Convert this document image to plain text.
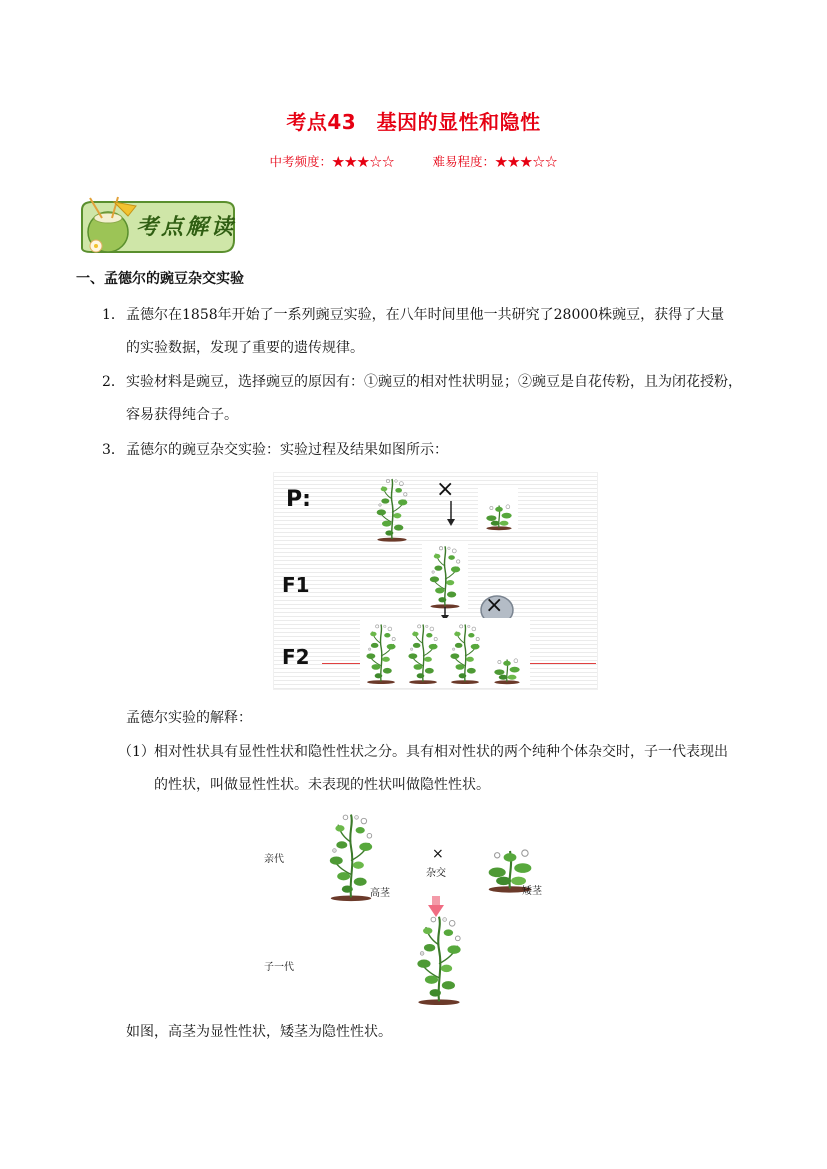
考点43　基因的显性和隐性
中考频度：★★★☆☆	难易程度：★★★☆☆
考点解读
一、孟德尔的豌豆杂交实验
1．孟德尔在1858年开始了一系列豌豆实验，在八年时间里他一共研究了28000株豌豆，获得了大量
的实验数据，发现了重要的遗传规律。
2．实验材料是豌豆，选择豌豆的原因有：①豌豆的相对性状明显；②豌豆是自花传粉，且为闭花授粉，
容易获得纯合子。
3．孟德尔的豌豆杂交实验：实验过程及结果如图所示：
P:	×
F1
×
F2
孟德尔实验的解释：
（1）相对性状具有显性性状和隐性性状之分。具有相对性状的两个纯种个体杂交时，子一代表现出
的性状，叫做显性性状。未表现的性状叫做隐性性状。
亲代
高茎
×
杂交
矮茎
子一代
如图，高茎为显性性状，矮茎为隐性性状。
